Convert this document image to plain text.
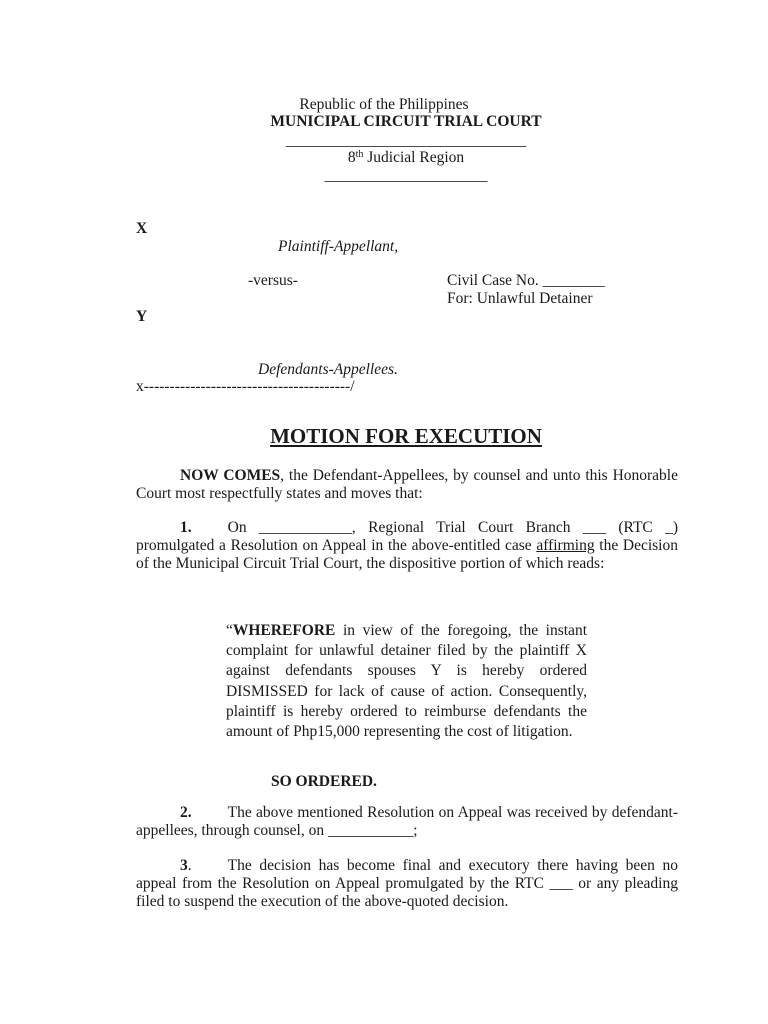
Republic of the Philippines
MUNICIPAL CIRCUIT TRIAL COURT
_______________________________
8th Judicial Region
_____________________
X
Plaintiff-Appellant,
-versus-	Civil Case No. ________
For: Unlawful Detainer
Y
Defendants-Appellees.
x----------------------------------------/
MOTION FOR EXECUTION
NOW COMES, the Defendant-Appellees, by counsel and unto this Honorable Court most respectfully states and moves that:
1. On ____________, Regional Trial Court Branch ___ (RTC _) promulgated a Resolution on Appeal in the above-entitled case affirming the Decision of the Municipal Circuit Trial Court, the dispositive portion of which reads:
“WHEREFORE in view of the foregoing, the instant complaint for unlawful detainer filed by the plaintiff X against defendants spouses Y is hereby ordered DISMISSED for lack of cause of action. Consequently, plaintiff is hereby ordered to reimburse defendants the amount of Php15,000 representing the cost of litigation.
SO ORDERED.
2. The above mentioned Resolution on Appeal was received by defendant-appellees, through counsel, on ___________;
3. The decision has become final and executory there having been no appeal from the Resolution on Appeal promulgated by the RTC ___ or any pleading filed to suspend the execution of the above-quoted decision.
